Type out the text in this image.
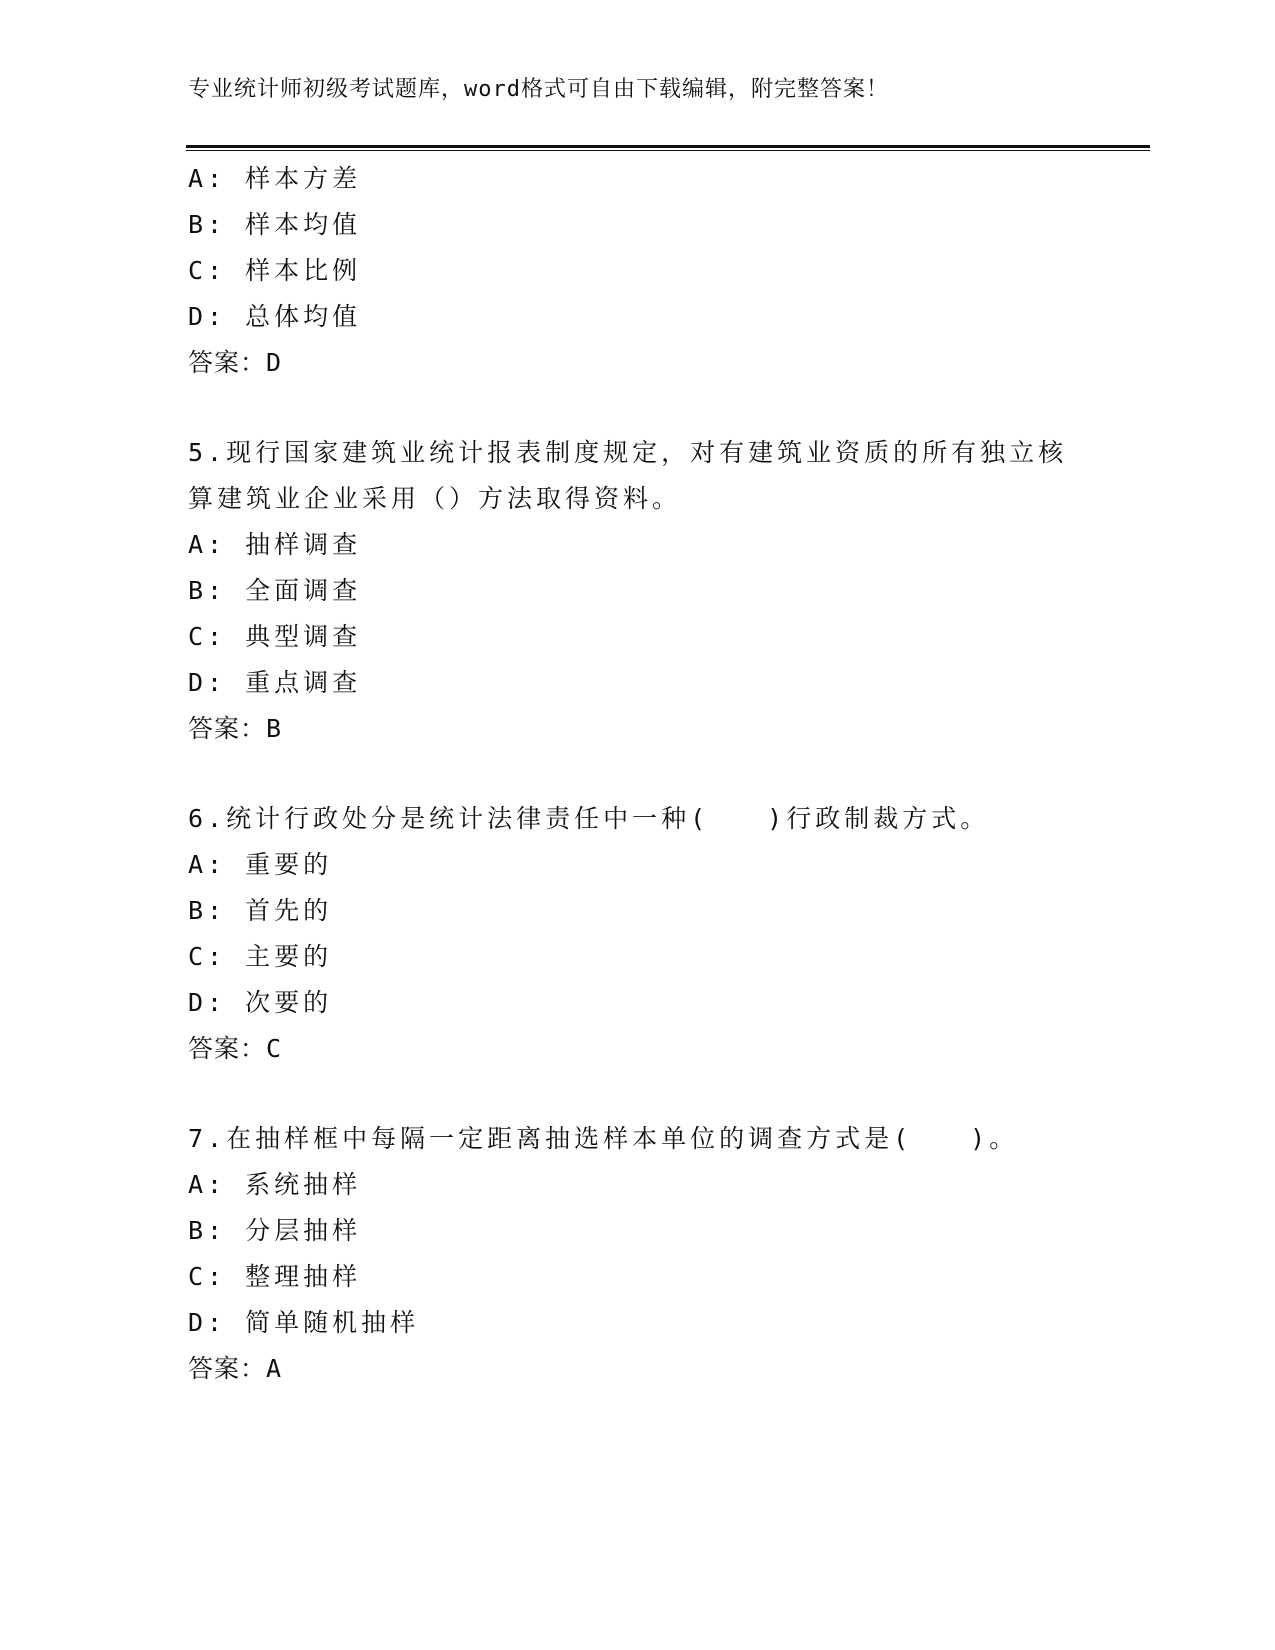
专业统计师初级考试题库，word格式可自由下载编辑，附完整答案！
A: 样本方差
B: 样本均值
C: 样本比例
D: 总体均值
答案：D
5.现行国家建筑业统计报表制度规定，对有建筑业资质的所有独立核
算建筑业企业采用（）方法取得资料。
A: 抽样调查
B: 全面调查
C: 典型调查
D: 重点调查
答案：B
6.统计行政处分是统计法律责任中一种(　　)行政制裁方式。
A: 重要的
B: 首先的
C: 主要的
D: 次要的
答案：C
7.在抽样框中每隔一定距离抽选样本单位的调查方式是(　　)。
A: 系统抽样
B: 分层抽样
C: 整理抽样
D: 简单随机抽样
答案：A
